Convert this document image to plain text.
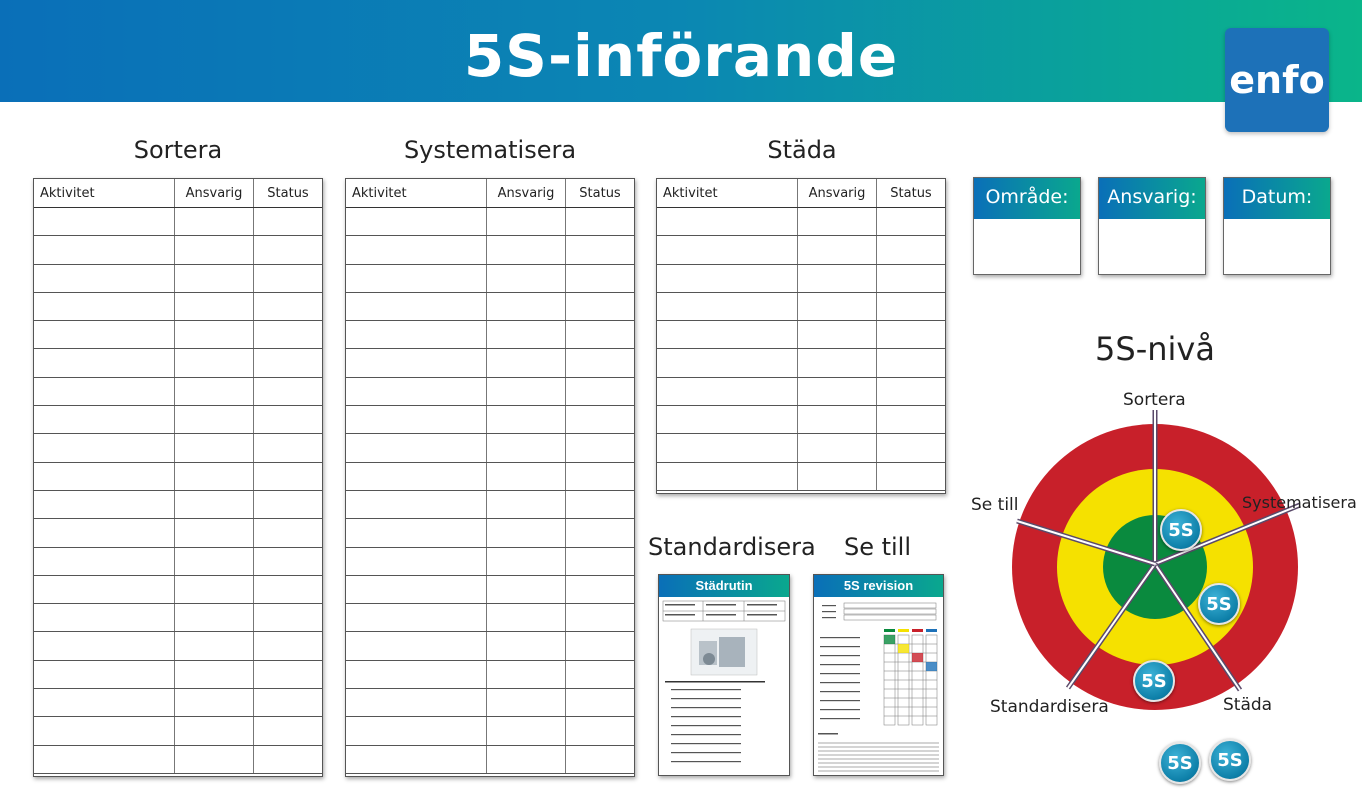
5S-införande	enfo
Sortera
Aktivitet	Ansvarig	Status

Systematisera
Aktivitet	Ansvarig	Status

Städa
Aktivitet	Ansvarig	Status

			Område:	Ansvarig:	Datum:
Standardisera
Städrutin
Se till
5S revision
5S-nivå
Sortera
Systematisera
Städa
Standardisera
Se till
5S
5S
5S
5S	5S
